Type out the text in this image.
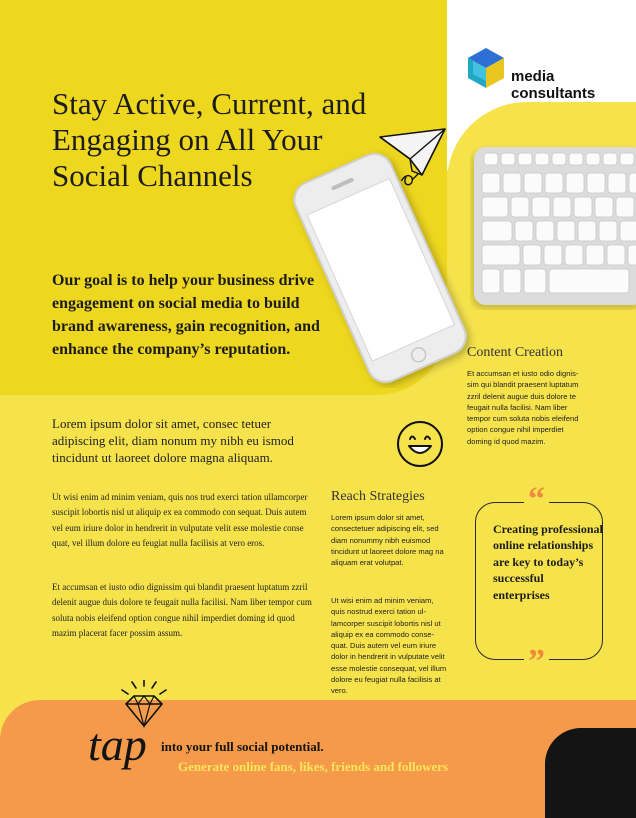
media
consultants
Stay Active, Current, and Engaging on All Your Social Channels

Our goal is to help your business drive engagement on social media to build brand awareness, gain recognition, and enhance the company’s reputation.	Content Creation
Et accumsan et iusto odio dignis-sim qui blandit praesent luptatum zzril delenit augue duis dolore te feugait nulla facilisi. Nam liber tempor cum soluta nobis eleifend option congue nihil imperdiet doming id quod mazim.
Lorem ipsum dolor sit amet, consec tetuer adipiscing elit, diam nonum my nibh eu ismod tincidunt ut laoreet dolore magna aliquam.
Ut wisi enim ad minim veniam, quis nos trud exerci tation ullamcorper suscipit lobortis nisl ut aliquip ex ea commodo con sequat. Duis autem vel eum iriure dolor in hendrerit in vulputate velit esse molestie conse quat, vel illum dolore eu feugiat nulla facilisis at vero eros.
Et accumsan et iusto odio dignissim qui blandit praesent luptatum zzril delenit augue duis dolore te feugait nulla facilisi. Nam liber tempor cum soluta nobis eleifend option congue nihil imperdiet doming id quod mazim placerat facer possim assum.
Reach Strategies
Lorem ipsum dolor sit amet, consectetuer adipiscing elit, sed diam nonummy nibh euismod tincidunt ut laoreet dolore mag na aliquam erat volutpat.
Ut wisi enim ad minim veniam, quis nostrud exerci tation ul-lamcorper suscipit lobortis nisl ut aliquip ex ea commodo conse-quat. Duis autem vel eum iriure dolor in hendrerit in vulputate velit esse molestie consequat, vel illum dolore eu feugiat nulla facilisis at vero.
“
Creating professional online relationships are key to today’s successful enterprises
”
tap into your full social potential.
Generate online fans, likes, friends and followers
